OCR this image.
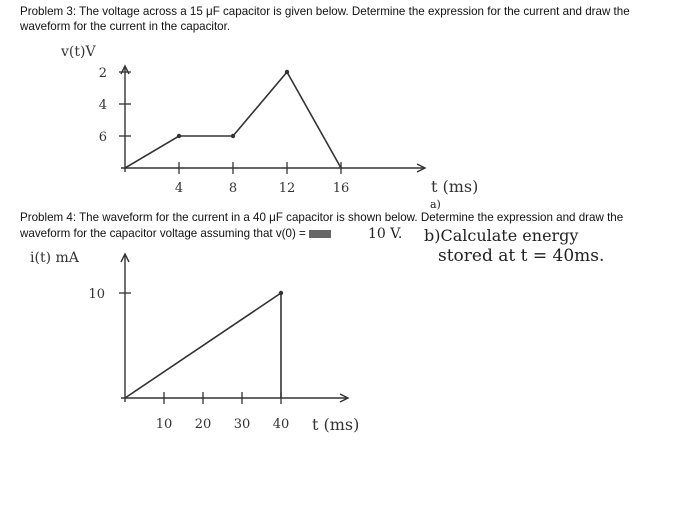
Problem 3: The voltage across a 15 μF capacitor is given below. Determine the expression for the current and draw the
waveform for the current in the capacitor.
Problem 4: The waveform for the current in a 40 μF capacitor is shown below. Determine the expression and draw the
waveform for the capacitor voltage assuming that v(0) =	10 V.
a)
b)Calculate energy
stored at t = 40ms.
6
4
2
4	8	12	16
v(t)V
t (ms)
10
10 20 30 40
i(t) mA
t (ms)
